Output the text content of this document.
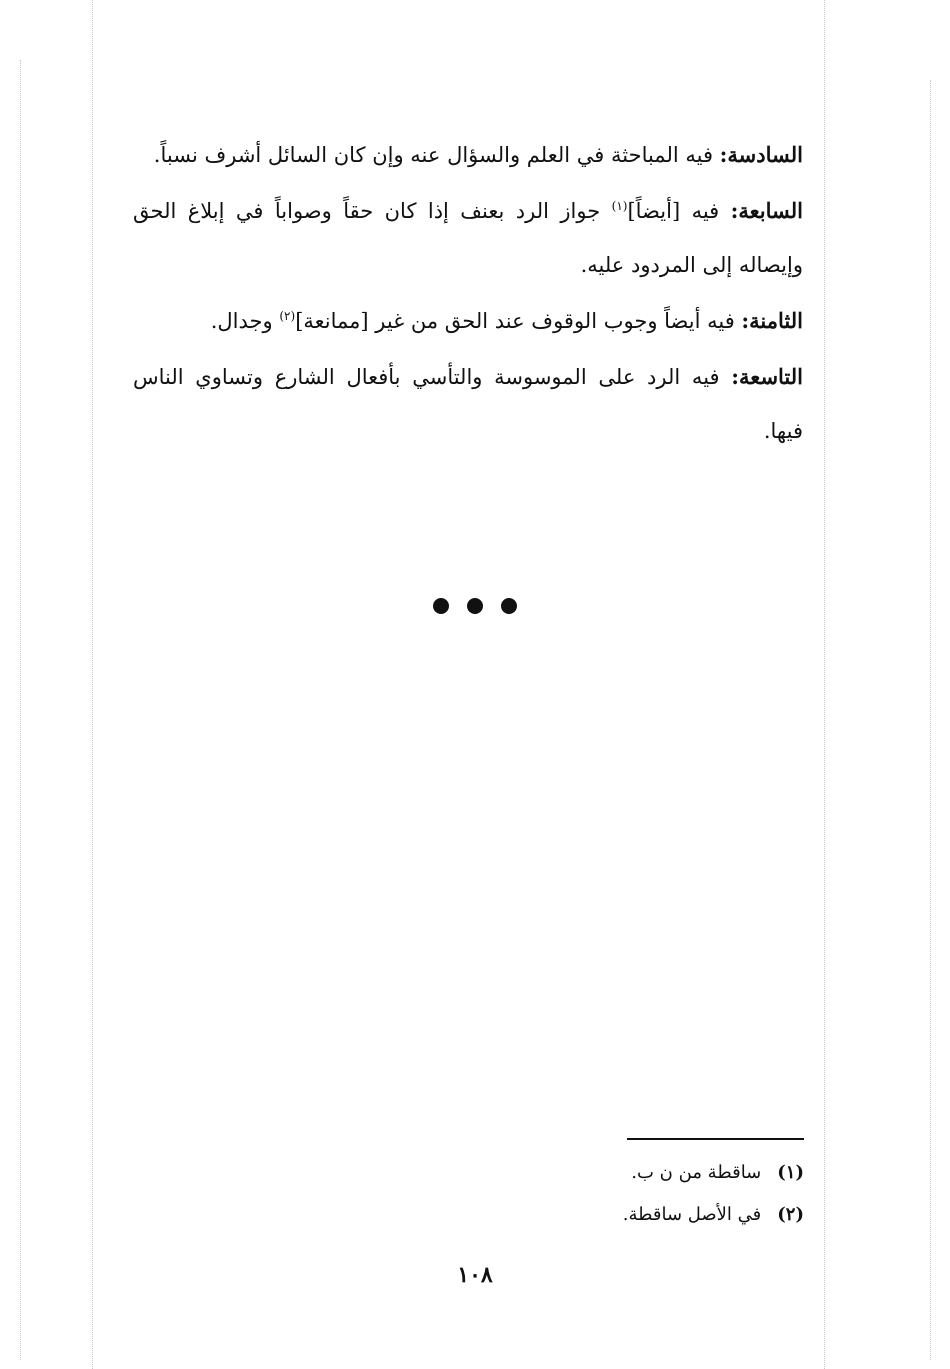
السادسة: فيه المباحثة في العلم والسؤال عنه وإن كان السائل أشرف نسباً.

السابعة: فيه [أيضاً]$^{(١)}$ جواز الرد بعنف إذا كان حقاً وصواباً في إبلاغ الحق وإيصاله إلى المردود عليه.

الثامنة: فيه أيضاً وجوب الوقوف عند الحق من غير [ممانعة]$^{(٢)}$ وجدال.

التاسعة: فيه الرد على الموسوسة والتأسي بأفعال الشارع وتساوي الناس فيها.

(١)ساقطة من ن ب.
(٢)في الأصل ساقطة.
١٠٨
